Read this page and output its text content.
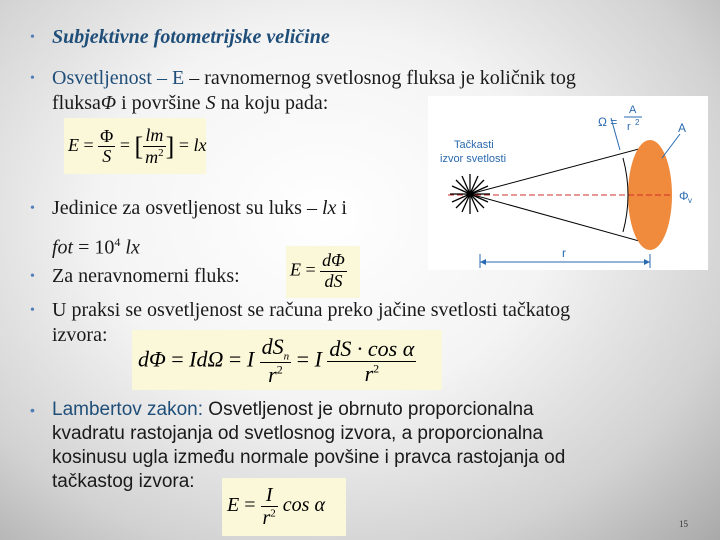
• Subjektivne fotometrijske veličine
• Osvetljenost – E – ravnomernog svetlosnog fluksa je količnik tog
fluksaΦ i površine S na koju pada:
$E = \frac{\Phi}{S}$ = [ $\frac{lm}{m^2}$ ] = lx
Ω =
A
r 2	A
Tačkasti
izvor svetlosti
Φ v
r
• Jedinice za osvetljenost su luks – lx i
fot = $10^4$ lx
• Za neravnomerni fluks:	$E = \frac{d\Phi}{dS}$
• U praksi se osvetljenost se računa preko jačine svetlosti tačkatog
izvora:
dΦ = IdΩ = I $\frac{dS_n}{r^2} = I \frac{\text{dS · cos α}}{r^2}$
• Lambertov zakon: Osvetljenost je obrnuto proporcionalna
kvadratu rastojanja od svetlosnog izvora, a proporcionalna
kosinusu ugla između normale povšine i pravca rastojanja od
tačkastog izvora:
$E = \frac{I}{r^2}$ cos α
15
